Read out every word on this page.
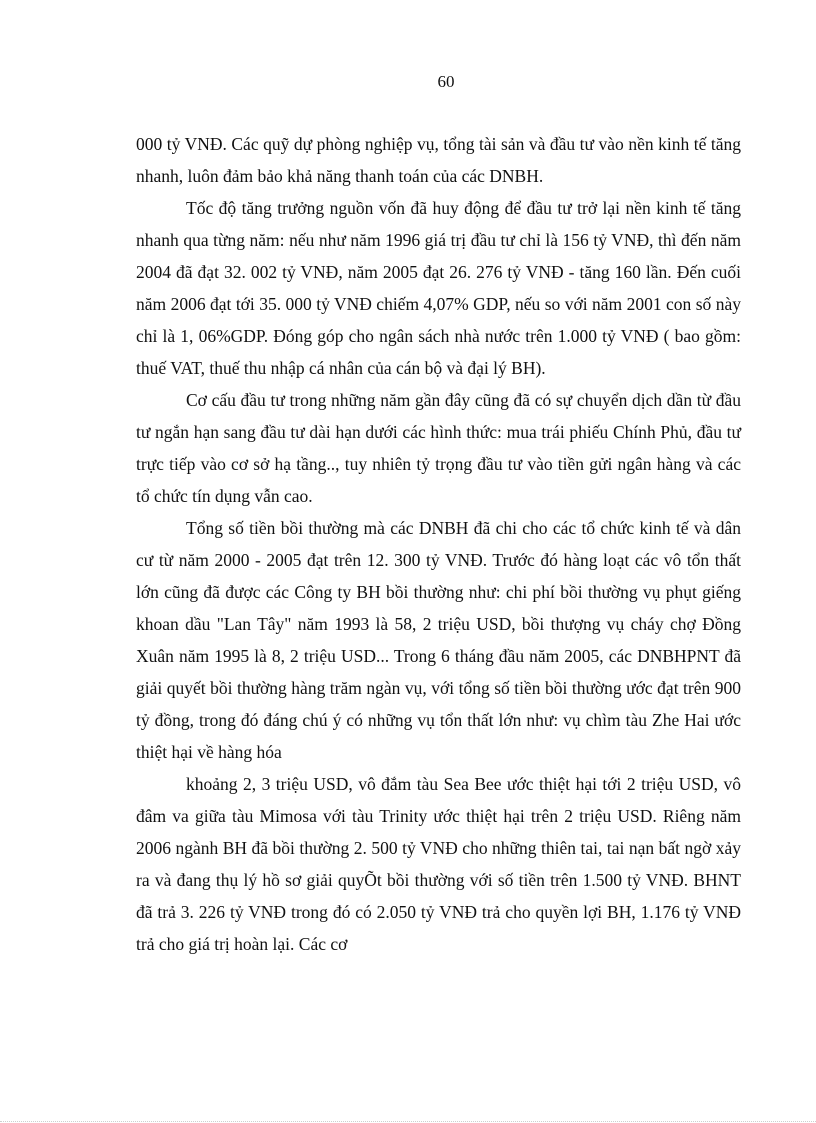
60

000 tỷ VNĐ. Các quỹ dự phòng nghiệp vụ, tổng tài sản và đầu tư vào nền kinh tế tăng nhanh, luôn đảm bảo khả năng thanh toán của các DNBH.

Tốc độ tăng trưởng nguồn vốn đã huy động để đầu tư trở lại nền kinh tế tăng nhanh qua từng năm: nếu như năm 1996 giá trị đầu tư chỉ là 156 tỷ VNĐ, thì đến năm 2004 đã đạt 32. 002 tỷ VNĐ, năm 2005 đạt 26. 276 tỷ VNĐ - tăng 160 lần. Đến cuối năm 2006 đạt tới 35. 000 tỷ VNĐ chiếm 4,07% GDP, nếu so với năm 2001 con số này chỉ là 1, 06%GDP. Đóng góp cho ngân sách nhà nước trên 1.000 tỷ VNĐ ( bao gồm: thuế VAT, thuế thu nhập cá nhân của cán bộ và đại lý BH).

Cơ cấu đầu tư trong những năm gần đây cũng đã có sự chuyển dịch dần từ đầu tư ngắn hạn sang đầu tư dài hạn dưới các hình thức: mua trái phiếu Chính Phủ, đầu tư trực tiếp vào cơ sở hạ tầng.., tuy nhiên tỷ trọng đầu tư vào tiền gửi ngân hàng và các tổ chức tín dụng vẫn cao.

Tổng số tiền bồi thường mà các DNBH đã chi cho các tổ chức kinh tế và dân cư từ năm 2000 - 2005 đạt trên 12. 300 tỷ VNĐ. Trước đó hàng loạt các vô tổn thất lớn cũng đã được các Công ty BH bồi thường như: chi phí bồi thường vụ phụt giếng khoan dầu "Lan Tây" năm 1993 là 58, 2 triệu USD, bồi thượng vụ cháy chợ Đồng Xuân năm 1995 là 8, 2 triệu USD... Trong 6 tháng đầu năm 2005, các DNBHPNT đã giải quyết bồi thường hàng trăm ngàn vụ, với tổng số tiền bồi thường ước đạt trên 900 tỷ đồng, trong đó đáng chú ý có những vụ tổn thất lớn như: vụ chìm tàu Zhe Hai ước thiệt hại về hàng hóa

khoảng 2, 3 triệu USD, vô đắm tàu Sea Bee ước thiệt hại tới 2 triệu USD, vô đâm va giữa tàu Mimosa với tàu Trinity ước thiệt hại trên 2 triệu USD. Riêng năm 2006 ngành BH đã bồi thường 2. 500 tỷ VNĐ cho những thiên tai, tai nạn bất ngờ xảy ra và đang thụ lý hồ sơ giải quyÕt bồi thường với số tiền trên 1.500 tỷ VNĐ. BHNT đã trả 3. 226 tỷ VNĐ trong đó có 2.050 tỷ VNĐ trả cho quyền lợi BH, 1.176 tỷ VNĐ trả cho giá trị hoàn lại. Các cơ
